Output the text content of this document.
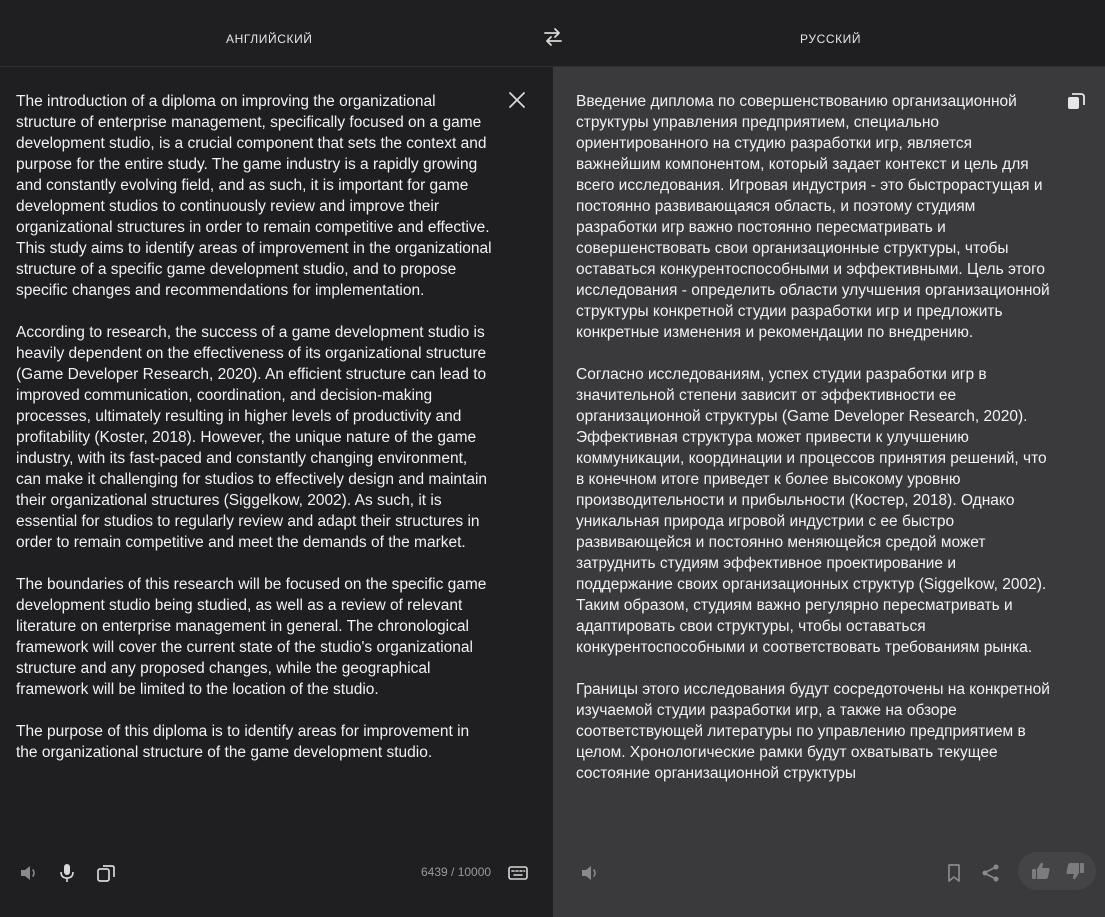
АНГЛИЙСКИЙ	РУССКИЙ

The introduction of a diploma on improving the organizational structure of enterprise management, specifically focused on a game development studio, is a crucial component that sets the context and purpose for the entire study. The game industry is a rapidly growing and constantly evolving field, and as such, it is important for game development studios to continuously review and improve their organizational structures in order to remain competitive and effective. This study aims to identify areas of improvement in the organizational structure of a specific game development studio, and to propose specific changes and recommendations for implementation.

According to research, the success of a game development studio is heavily dependent on the effectiveness of its organizational structure (Game Developer Research, 2020). An efficient structure can lead to improved communication, coordination, and decision-making processes, ultimately resulting in higher levels of productivity and profitability (Koster, 2018). However, the unique nature of the game industry, with its fast-paced and constantly changing environment, can make it challenging for studios to effectively design and maintain their organizational structures (Siggelkow, 2002). As such, it is essential for studios to regularly review and adapt their structures in order to remain competitive and meet the demands of the market.

The boundaries of this research will be focused on the specific game development studio being studied, as well as a review of relevant literature on enterprise management in general. The chronological framework will cover the current state of the studio's organizational structure and any proposed changes, while the geographical framework will be limited to the location of the studio.

The purpose of this diploma is to identify areas for improvement in the organizational structure of the game development studio.

6439 / 10000

Введение диплома по совершенствованию организационной структуры управления предприятием, специально ориентированного на студию разработки игр, является важнейшим компонентом, который задает контекст и цель для всего исследования. Игровая индустрия - это быстрорастущая и постоянно развивающаяся область, и поэтому студиям разработки игр важно постоянно пересматривать и совершенствовать свои организационные структуры, чтобы оставаться конкурентоспособными и эффективными. Цель этого исследования - определить области улучшения организационной структуры конкретной студии разработки игр и предложить конкретные изменения и рекомендации по внедрению.

Согласно исследованиям, успех студии разработки игр в значительной степени зависит от эффективности ее организационной структуры (Game Developer Research, 2020). Эффективная структура может привести к улучшению коммуникации, координации и процессов принятия решений, что в конечном итоге приведет к более высокому уровню производительности и прибыльности (Костер, 2018). Однако уникальная природа игровой индустрии с ее быстро развивающейся и постоянно меняющейся средой может затруднить студиям эффективное проектирование и поддержание своих организационных структур (Siggelkow, 2002). Таким образом, студиям важно регулярно пересматривать и адаптировать свои структуры, чтобы оставаться конкурентоспособными и соответствовать требованиям рынка.

Границы этого исследования будут сосредоточены на конкретной изучаемой студии разработки игр, а также на обзоре соответствующей литературы по управлению предприятием в целом. Хронологические рамки будут охватывать текущее состояние организационной структуры
